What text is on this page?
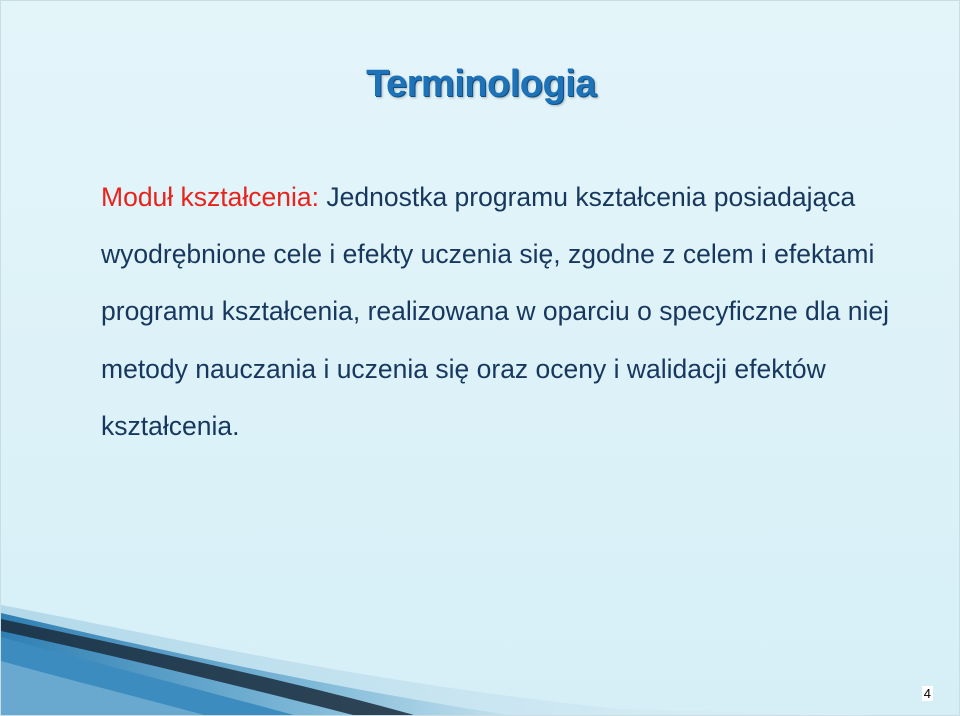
Terminologia

Moduł kształcenia: Jednostka programu kształcenia posiadająca wyodrębnione cele i efekty uczenia się, zgodne z celem i efektami programu kształcenia, realizowana w oparciu o specyficzne dla niej metody nauczania i uczenia się oraz oceny i walidacji efektów kształcenia.

4
